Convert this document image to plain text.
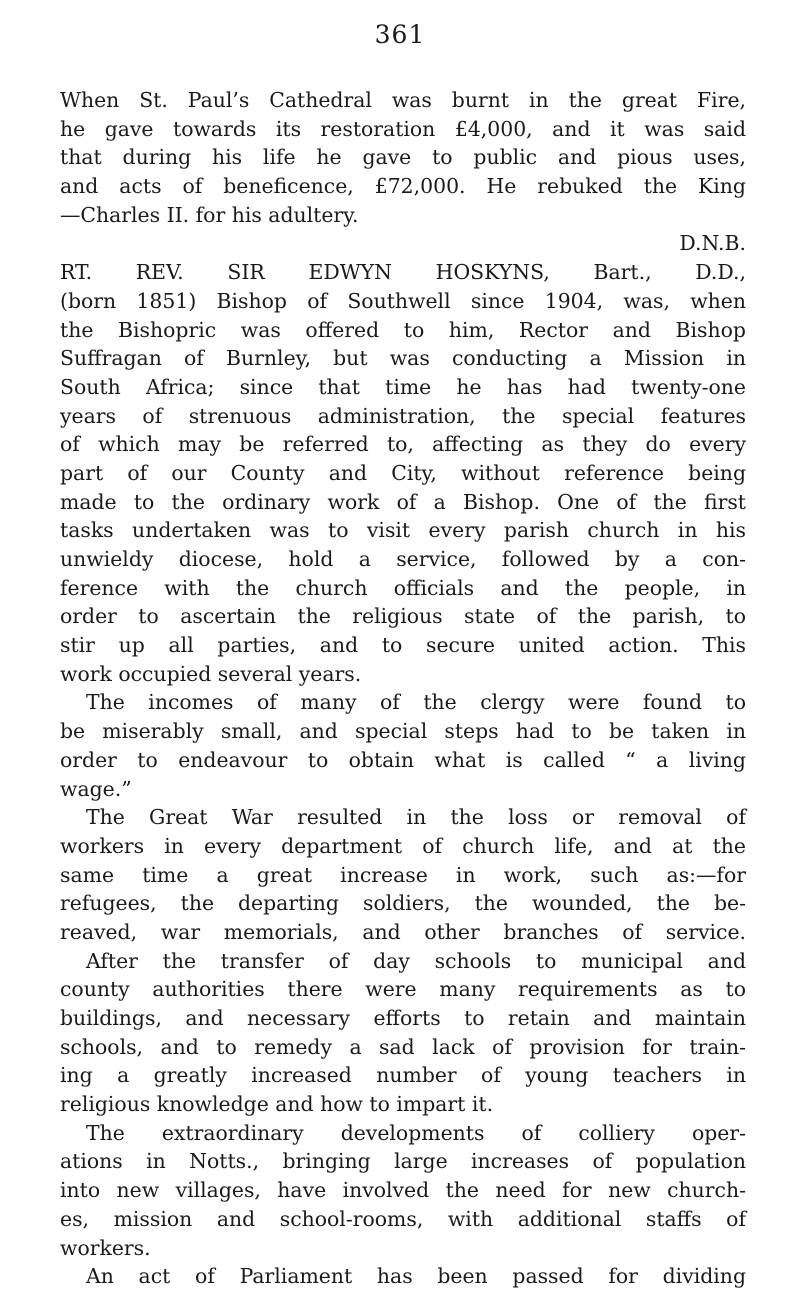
361
When St. Paul’s Cathedral was burnt in the great Fire,
he gave towards its restoration £4,000, and it was said
that during his life he gave to public and pious uses,
and acts of beneficence, £72,000. He rebuked the King
—Charles II. for his adultery.
D.N.B.
RT. REV. SIR EDWYN HOSKYNS, Bart., D.D.,
(born 1851) Bishop of Southwell since 1904, was, when
the Bishopric was offered to him, Rector and Bishop
Suffragan of Burnley, but was conducting a Mission in
South Africa; since that time he has had twenty-one
years of strenuous administration, the special features
of which may be referred to, affecting as they do every
part of our County and City, without reference being
made to the ordinary work of a Bishop. One of the first
tasks undertaken was to visit every parish church in his
unwieldy diocese, hold a service, followed by a con-
ference with the church officials and the people, in
order to ascertain the religious state of the parish, to
stir up all parties, and to secure united action. This
work occupied several years.
The incomes of many of the clergy were found to
be miserably small, and special steps had to be taken in
order to endeavour to obtain what is called “ a living
wage.”
The Great War resulted in the loss or removal of
workers in every department of church life, and at the
same time a great increase in work, such as:—for
refugees, the departing soldiers, the wounded, the be-
reaved, war memorials, and other branches of service.
After the transfer of day schools to municipal and
county authorities there were many requirements as to
buildings, and necessary efforts to retain and maintain
schools, and to remedy a sad lack of provision for train-
ing a greatly increased number of young teachers in
religious knowledge and how to impart it.
The extraordinary developments of colliery oper-
ations in Notts., bringing large increases of population
into new villages, have involved the need for new church-
es, mission and school-rooms, with additional staffs of
workers.
An act of Parliament has been passed for dividing
